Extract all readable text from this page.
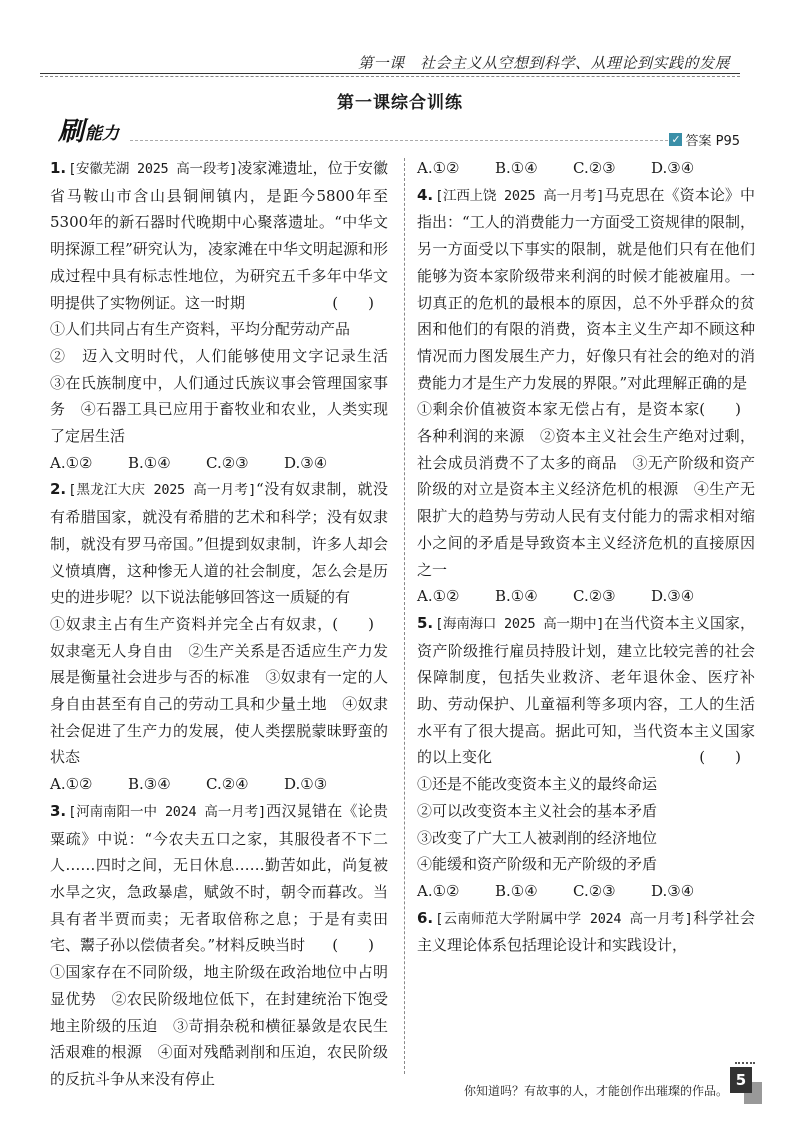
第一课　社会主义从空想到科学、从理论到实践的发展
第一课综合训练
刷 能力	✓ 答案 P95
1. [ 安徽芜湖 2025 高一段考 ] 凌家滩遗址，位于安徽省马鞍山市含山县铜闸镇内，是距今5800年至5300年的新石器时代晚期中心聚落遗址。“中华文明探源工程”研究认为，凌家滩在中华文明起源和形成过程中具有标志性地位，为研究五千多年中华文明提供了实物例证。这一时期	(　　)
①人们共同占有生产资料，平均分配劳动产品
②　迈入文明时代，人们能够使用文字记录生活　③在氏族制度中，人们通过氏族议事会管理国家事务　④石器工具已应用于畜牧业和农业，人类实现了定居生活
A.①②	B.①④	C.②③	D.③④
2. [ 黑龙江大庆 2025 高一月考 ] “没有奴隶制，就没有希腊国家，就没有希腊的艺术和科学；没有奴隶制，就没有罗马帝国。”但提到奴隶制，许多人却会义愤填膺，这种惨无人道的社会制度，怎么会是历史的进步呢？以下说法能够回答这一质疑的有
(　　)
①奴隶主占有生产资料并完全占有奴隶，奴隶毫无人身自由　②生产关系是否适应生产力发展是衡量社会进步与否的标准　③奴隶有一定的人身自由甚至有自己的劳动工具和少量土地　④奴隶社会促进了生产力的发展，使人类摆脱蒙昧野蛮的状态
A.①②	B.③④	C.②④	D.①③
3. [ 河南南阳一中 2024 高一月考 ] 西汉晁错在《论贵粟疏》中说：“今农夫五口之家，其服役者不下二人……四时之间，无日休息……勤苦如此，尚复被水旱之灾，急政暴虐，赋敛不时，朝令而暮改。当具有者半贾而卖；无者取倍称之息；于是有卖田宅、鬻子孙以偿债者矣。”材料反映当时 (　　)
①国家存在不同阶级，地主阶级在政治地位中占明显优势　②农民阶级地位低下，在封建统治下饱受地主阶级的压迫　③苛捐杂税和横征暴敛是农民生活艰难的根源　④面对残酷剥削和压迫，农民阶级的反抗斗争从来没有停止
A.①②	B.①④	C.②③	D.③④
4. [ 江西上饶 2025 高一月考 ] 马克思在《资本论》中指出：“工人的消费能力一方面受工资规律的限制，另一方面受以下事实的限制，就是他们只有在他们能够为资本家阶级带来利润的时候才能被雇用。一切真正的危机的最根本的原因，总不外乎群众的贫困和他们的有限的消费，资本主义生产却不顾这种情况而力图发展生产力，好像只有社会的绝对的消费能力才是生产力发展的界限。”对此理解正确的是
(　　)
①剩余价值被资本家无偿占有，是资本家各种利润的来源　②资本主义社会生产绝对过剩，社会成员消费不了太多的商品　③无产阶级和资产阶级的对立是资本主义经济危机的根源　④生产无限扩大的趋势与劳动人民有支付能力的需求相对缩小之间的矛盾是导致资本主义经济危机的直接原因之一
A.①②	B.①④	C.②③	D.③④
5. [ 海南海口 2025 高一期中 ] 在当代资本主义国家，资产阶级推行雇员持股计划，建立比较完善的社会保障制度，包括失业救济、老年退休金、医疗补助、劳动保护、儿童福利等多项内容，工人的生活水平有了很大提高。据此可知，当代资本主义国家的以上变化	(　　)
①还是不能改变资本主义的最终命运
②可以改变资本主义社会的基本矛盾
③改变了广大工人被剥削的经济地位
④能缓和资产阶级和无产阶级的矛盾
A.①②	B.①④	C.②③	D.③④
6. [ 云南师范大学附属中学 2024 高一月考 ] 科学社会主义理论体系包括理论设计和实践设计，
你知道吗？有故事的人，才能创作出璀璨的作品。
5
